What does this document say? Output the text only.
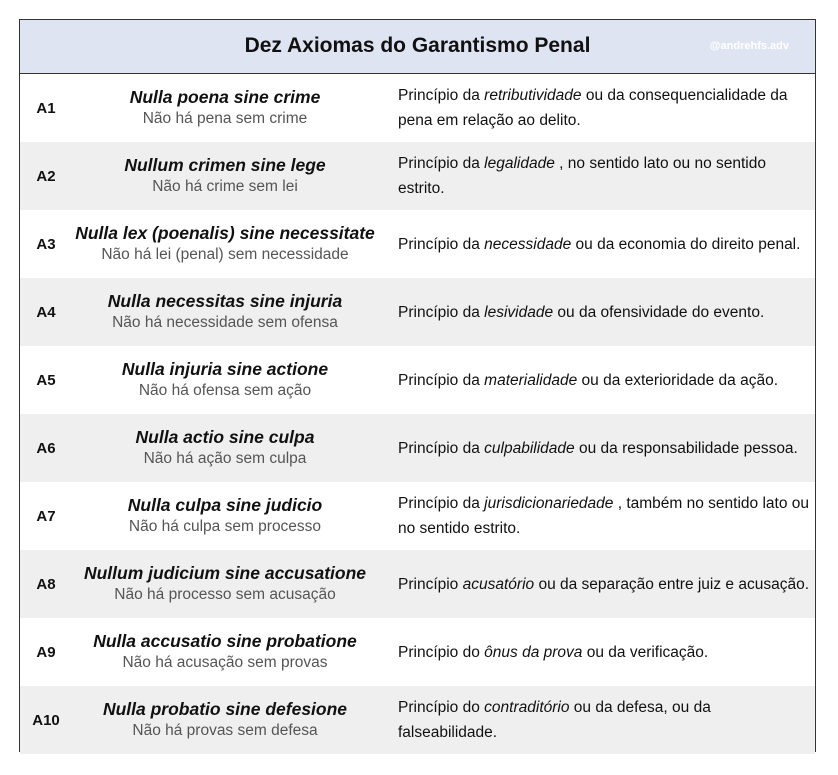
Dez Axiomas do Garantismo Penal	@andrehfs.adv
A1
Nulla poena sine crime
Não há pena sem crime
Princípio da retributividade ou da consequencialidade da pena em relação ao delito.
A2
Nullum crimen sine lege
Não há crime sem lei
Princípio da legalidade , no sentido lato ou no sentido estrito.
A3
Nulla lex (poenalis) sine necessitate
Não há lei (penal) sem necessidade
Princípio da necessidade ou da economia do direito penal.
A4
Nulla necessitas sine injuria
Não há necessidade sem ofensa
Princípio da lesividade ou da ofensividade do evento.
A5
Nulla injuria sine actione
Não há ofensa sem ação
Princípio da materialidade ou da exterioridade da ação.
A6
Nulla actio sine culpa
Não há ação sem culpa
Princípio da culpabilidade ou da responsabilidade pessoa.
A7
Nulla culpa sine judicio
Não há culpa sem processo
Princípio da jurisdicionariedade , também no sentido lato ou no sentido estrito.
A8
Nullum judicium sine accusatione
Não há processo sem acusação
Princípio acusatório ou da separação entre juiz e acusação.
A9
Nulla accusatio sine probatione
Não há acusação sem provas
Princípio do ônus da prova ou da verificação.
A10
Nulla probatio sine defesione
Não há provas sem defesa
Princípio do contraditório ou da defesa, ou da falseabilidade.
